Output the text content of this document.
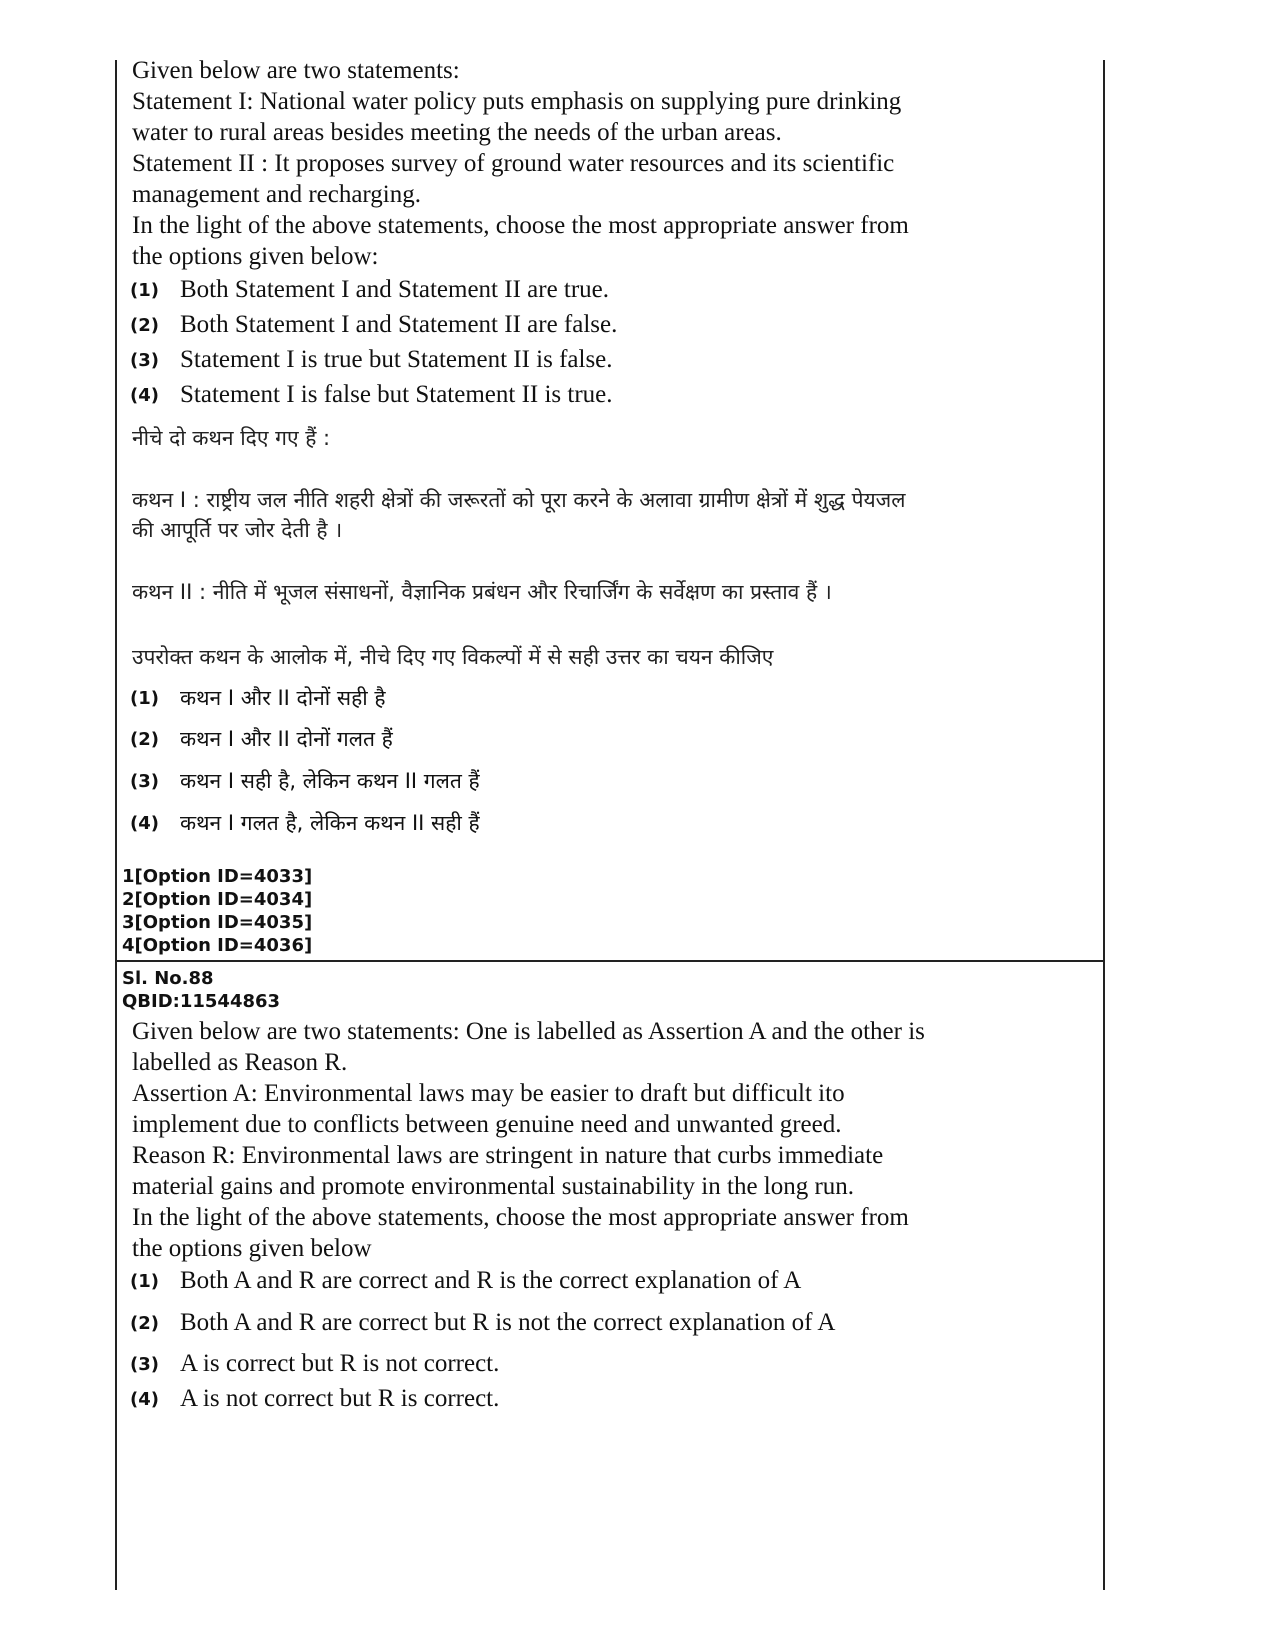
Given below are two statements:
Statement I: National water policy puts emphasis on supplying pure drinking
water to rural areas besides meeting the needs of the urban areas.
Statement II : It proposes survey of ground water resources and its scientific
management and recharging.
In the light of the above statements, choose the most appropriate answer from
the options given below:
(1) Both Statement I and Statement II are true.
(2) Both Statement I and Statement II are false.
(3) Statement I is true but Statement II is false.
(4) Statement I is false but Statement II is true.
नीचे दो कथन दिए गए हैं :
कथन I : राष्ट्रीय जल नीति शहरी क्षेत्रों की जरूरतों को पूरा करने के अलावा ग्रामीण क्षेत्रों में शुद्ध पेयजल
की आपूर्ति पर जोर देती है ।
कथन II : नीति में भूजल संसाधनों, वैज्ञानिक प्रबंधन और रिचार्जिंग के सर्वेक्षण का प्रस्ताव हैं ।
उपरोक्त कथन के आलोक में, नीचे दिए गए विकल्पों में से सही उत्तर का चयन कीजिए
(1)	कथन I और II दोनों सही है
(2)	कथन I और II दोनों गलत हैं
(3)	कथन I सही है, लेकिन कथन II गलत हैं
(4)	कथन I गलत है, लेकिन कथन II सही हैं
1[Option ID=4033]
2[Option ID=4034]
3[Option ID=4035]
4[Option ID=4036]
Sl. No.88
QBID:11544863
Given below are two statements: One is labelled as Assertion A and the other is
labelled as Reason R.
Assertion A: Environmental laws may be easier to draft but difficult ito
implement due to conflicts between genuine need and unwanted greed.
Reason R: Environmental laws are stringent in nature that curbs immediate
material gains and promote environmental sustainability in the long run.
In the light of the above statements, choose the most appropriate answer from
the options given below
(1) Both A and R are correct and R is the correct explanation of A
(2) Both A and R are correct but R is not the correct explanation of A
(3) A is correct but R is not correct.
(4) A is not correct but R is correct.
